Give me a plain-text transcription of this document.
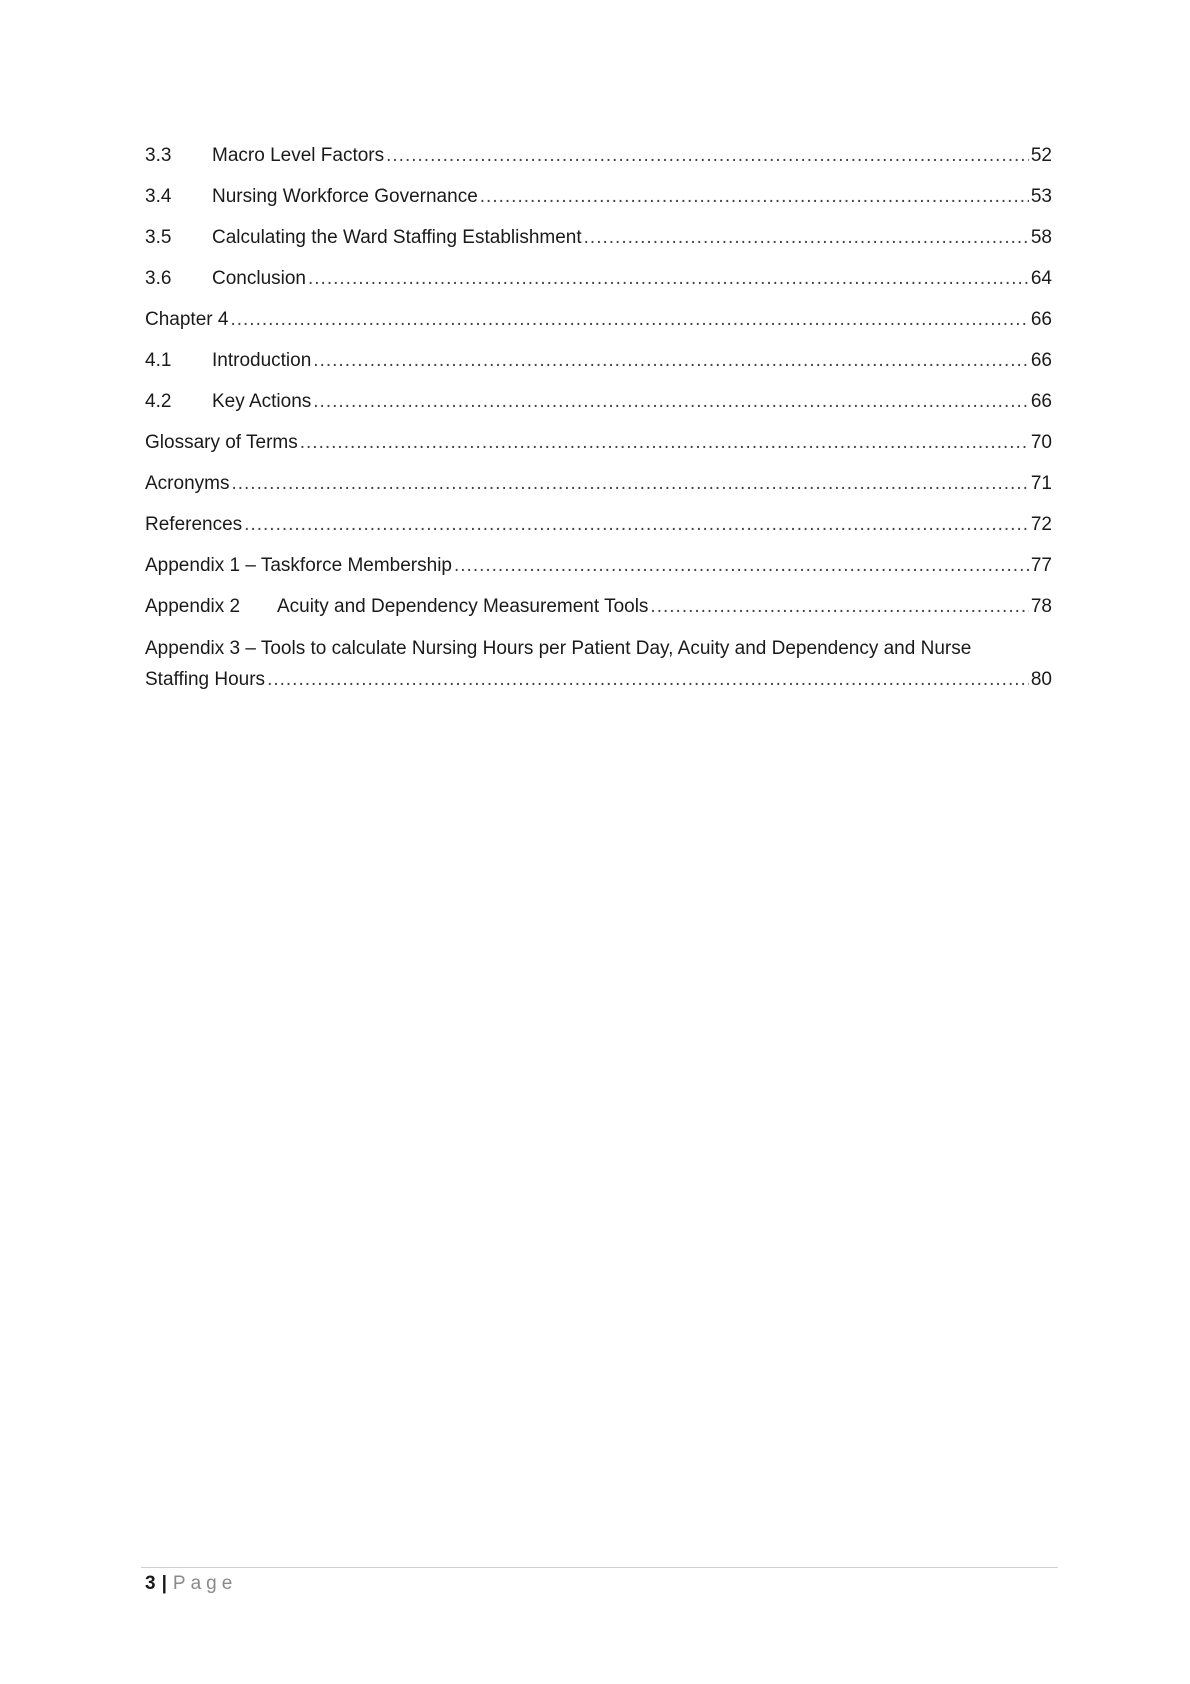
3.3	Macro Level Factors .....	52
3.4	Nursing Workforce Governance .....	53
3.5	Calculating the Ward Staffing Establishment .....	58
3.6	Conclusion .....	64
Chapter 4 .....	66
4.1	Introduction .....	66
4.2	Key Actions .....	66
Glossary of Terms .....	70
Acronyms .....	71
References .....	72
Appendix 1 – Taskforce Membership .....	77
Appendix 2	Acuity and Dependency Measurement Tools .....	78
Appendix 3 – Tools to calculate Nursing Hours per Patient Day, Acuity and Dependency and Nurse
Staffing Hours .....	80
3 | Page
